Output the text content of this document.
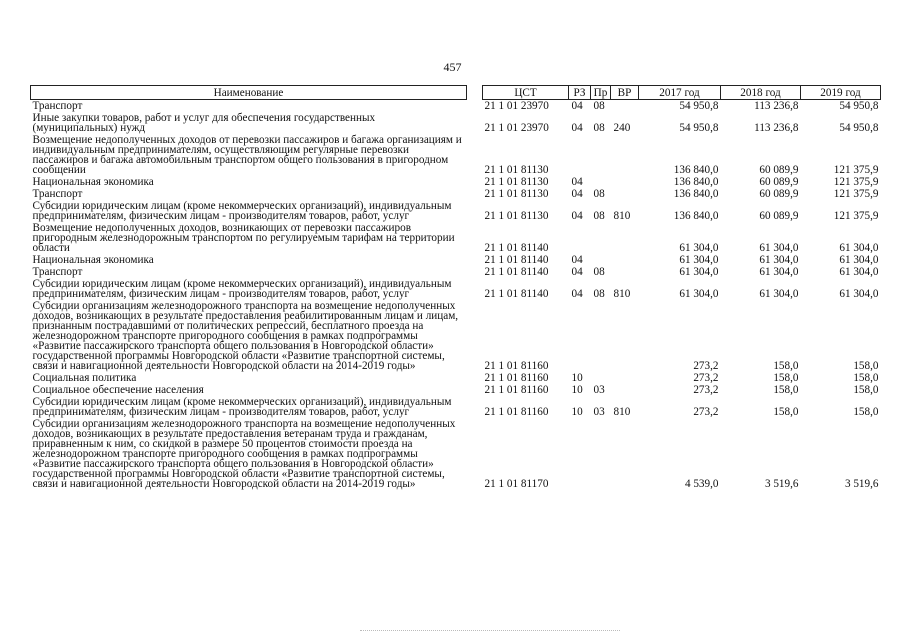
457
Наименование		ЦСТ	РЗ	Пр	ВР	2017 год	2018 год	2019 год
Транспорт		21 1 01 23970	04	08		54 950,8	113 236,8	54 950,8
Иные закупки товаров, работ и услуг для обеспечения государственных (муниципальных) нужд		21 1 01 23970	04	08	240	54 950,8	113 236,8	54 950,8
Возмещение недополученных доходов от перевозки пассажиров и багажа организациям и индивидуальным предпринимателям, осуществляющим регулярные перевозки пассажиров и багажа автомобильным транспортом общего пользования в пригородном сообщении		21 1 01 81130				136 840,0	60 089,9	121 375,9
Национальная экономика		21 1 01 81130	04			136 840,0	60 089,9	121 375,9
Транспорт		21 1 01 81130	04	08		136 840,0	60 089,9	121 375,9
Субсидии юридическим лицам (кроме некоммерческих организаций), индивидуальным предпринимателям, физическим лицам - производителям товаров, работ, услуг		21 1 01 81130	04	08	810	136 840,0	60 089,9	121 375,9
Возмещение недополученных доходов, возникающих от перевозки пассажиров пригородным железнодорожным транспортом по регулируемым тарифам на территории области		21 1 01 81140				61 304,0	61 304,0	61 304,0
Национальная экономика		21 1 01 81140	04			61 304,0	61 304,0	61 304,0
Транспорт		21 1 01 81140	04	08		61 304,0	61 304,0	61 304,0
Субсидии юридическим лицам (кроме некоммерческих организаций), индивидуальным предпринимателям, физическим лицам - производителям товаров, работ, услуг		21 1 01 81140	04	08	810	61 304,0	61 304,0	61 304,0
Субсидии организациям железнодорожного транспорта на возмещение недополученных доходов, возникающих в результате предоставления реабилитированным лицам и лицам, признанным пострадавшими от политических репрессий, бесплатного проезда на железнодорожном транспорте пригородного сообщения в рамках подпрограммы «Развитие пассажирского транспорта общего пользования в Новгородской области» государственной программы Новгородской области «Развитие транспортной системы, связи и навигационной деятельности Новгородской области на 2014-2019 годы»		21 1 01 81160				273,2	158,0	158,0
Социальная политика		21 1 01 81160	10			273,2	158,0	158,0
Социальное обеспечение населения		21 1 01 81160	10	03		273,2	158,0	158,0
Субсидии юридическим лицам (кроме некоммерческих организаций), индивидуальным предпринимателям, физическим лицам - производителям товаров, работ, услуг		21 1 01 81160	10	03	810	273,2	158,0	158,0
Субсидии организациям железнодорожного транспорта на возмещение недополученных доходов, возникающих в результате предоставления ветеранам труда и гражданам, приравненным к ним, со скидкой в размере 50 процентов стоимости проезда на железнодорожном транспорте пригородного сообщения в рамках подпрограммы «Развитие пассажирского транспорта общего пользования в Новгородской области» государственной программы Новгородской области «Развитие транспортной системы, связи и навигационной деятельности Новгородской области на 2014-2019 годы»		21 1 01 81170				4 539,0	3 519,6	3 519,6
